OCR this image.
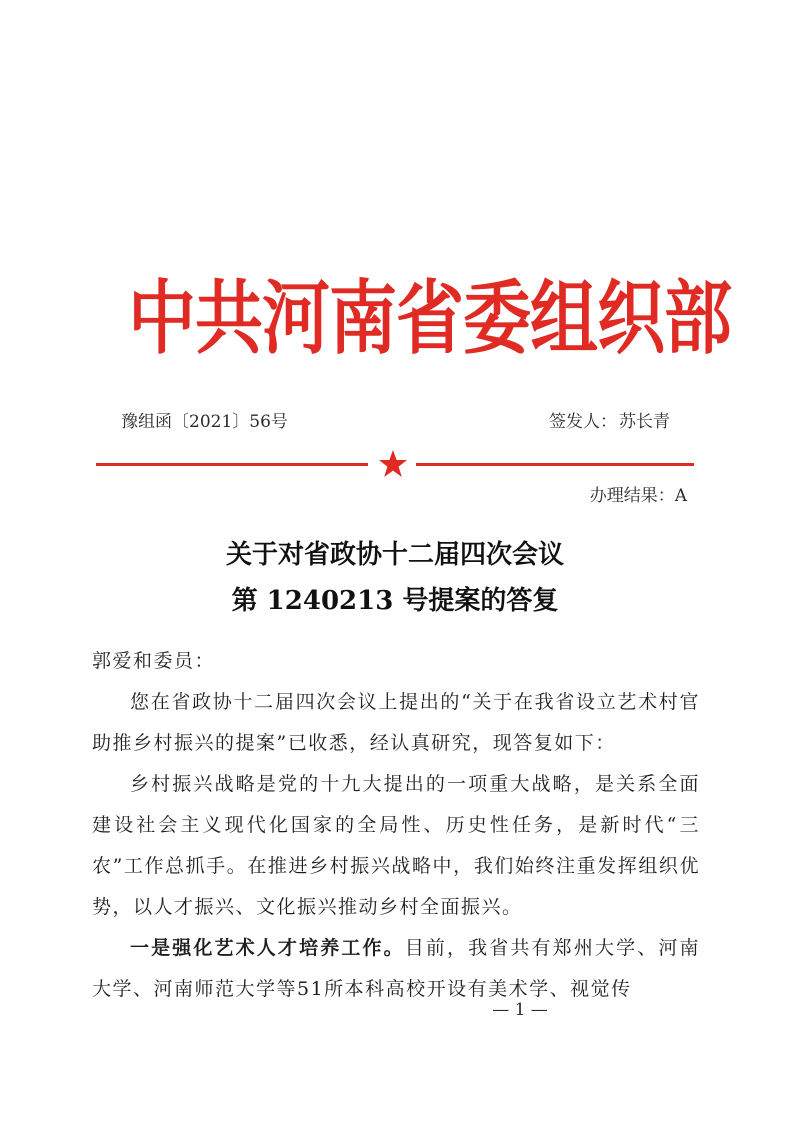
中共河南省委组织部
豫组函〔2021〕56号	签发人： 苏长青
办理结果：A
关于对省政协十二届四次会议
第 1240213 号提案的答复

郭爱和委员：

您在省政协十二届四次会议上提出的“关于在我省设立艺术村官助推乡村振兴的提案”已收悉，经认真研究，现答复如下：

乡村振兴战略是党的十九大提出的一项重大战略，是关系全面建设社会主义现代化国家的全局性、历史性任务，是新时代“三农”工作总抓手。在推进乡村振兴战略中，我们始终注重发挥组织优势，以人才振兴、文化振兴推动乡村全面振兴。

一是强化艺术人才培养工作。目前，我省共有郑州大学、河南大学、河南师范大学等51所本科高校开设有美术学、视觉传

— 1 —
